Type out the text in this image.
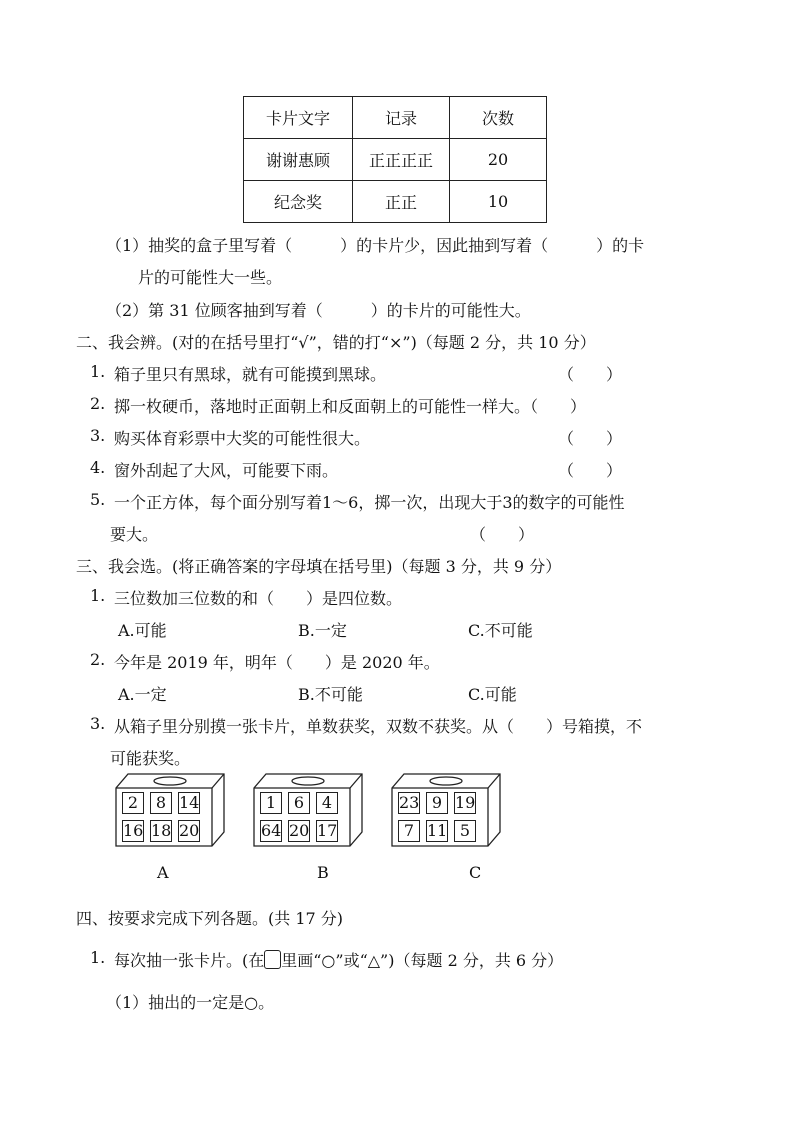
卡片文字	记录	次数
谢谢惠顾	正正正正	20
纪念奖	正正	10
（1）抽奖的盒子里写着（　　　）的卡片少，因此抽到写着（　　　）的卡
片的可能性大一些。
（2）第 31 位顾客抽到写着（　　　）的卡片的可能性大。
二、我会辨。(对的在括号里打“√”，错的打“×”)（每题 2 分，共 10 分）
1. 箱子里只有黑球，就有可能摸到黑球。	（　　）
2. 掷一枚硬币，落地时正面朝上和反面朝上的可能性一样大。（　　）
3. 购买体育彩票中大奖的可能性很大。	（　　）
4. 窗外刮起了大风，可能要下雨。	（　　）
5. 一个正方体，每个面分别写着1～6，掷一次，出现大于3的数字的可能性
要大。	（　　）
三、我会选。(将正确答案的字母填在括号里)（每题 3 分，共 9 分）
1. 三位数加三位数的和（　　）是四位数。
A.可能	B.一定	C.不可能
2. 今年是 2019 年，明年（　　）是 2020 年。
A.一定	B.不可能	C.可能
3. 从箱子里分别摸一张卡片，单数获奖，双数不获奖。从（　　）号箱摸，不
可能获奖。
2	8 14
16 18 20
A
1	6	4
64 20 17
B
23 9 19
7 11 5
C
四、按要求完成下列各题。(共 17 分)
1. 每次抽一张卡片。(在 里画“○”或“△”)（每题 2 分，共 6 分）
（1）抽出的一定是○。
